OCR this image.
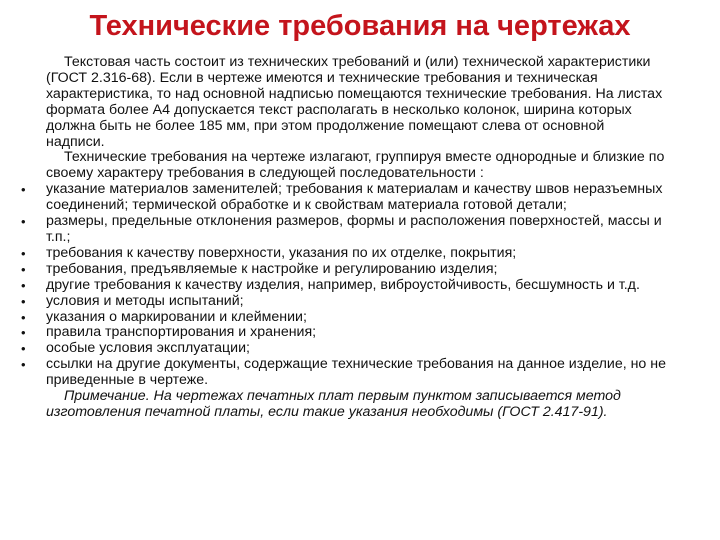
Технические требования на чертежах

Текстовая часть состоит из технических требований и (или) технической характеристики (ГОСТ 2.316-68). Если в чертеже имеются и технические требования и техническая характеристика, то над основной надписью помещаются технические требования. На листах формата более А4 допускается текст располагать в несколько колонок, ширина которых должна быть не более 185 мм, при этом продолжение помещают слева от основной надписи.

Технические требования на чертеже излагают, группируя вместе однородные и близкие по своему характеру требования в следующей последовательности :

• указание материалов заменителей; требования к материалам и качеству швов неразъемных соединений; термической обработке и к свойствам материала готовой детали;
• размеры, предельные отклонения размеров, формы и расположения поверхностей, массы и т.п.;
• требования к качеству поверхности, указания по их отделке, покрытия;
• требования, предъявляемые к настройке и регулированию изделия;
• другие требования к качеству изделия, например, виброустойчивость, бесшумность и т.д.
• условия и методы испытаний;
• указания о маркировании и клеймении;
• правила транспортирования и хранения;
• особые условия эксплуатации;
• ссылки на другие документы, содержащие технические требования на данное изделие, но не приведенные в чертеже.

Примечание. На чертежах печатных плат первым пунктом записывается метод изготовления печатной платы, если такие указания необходимы (ГОСТ 2.417-91).
